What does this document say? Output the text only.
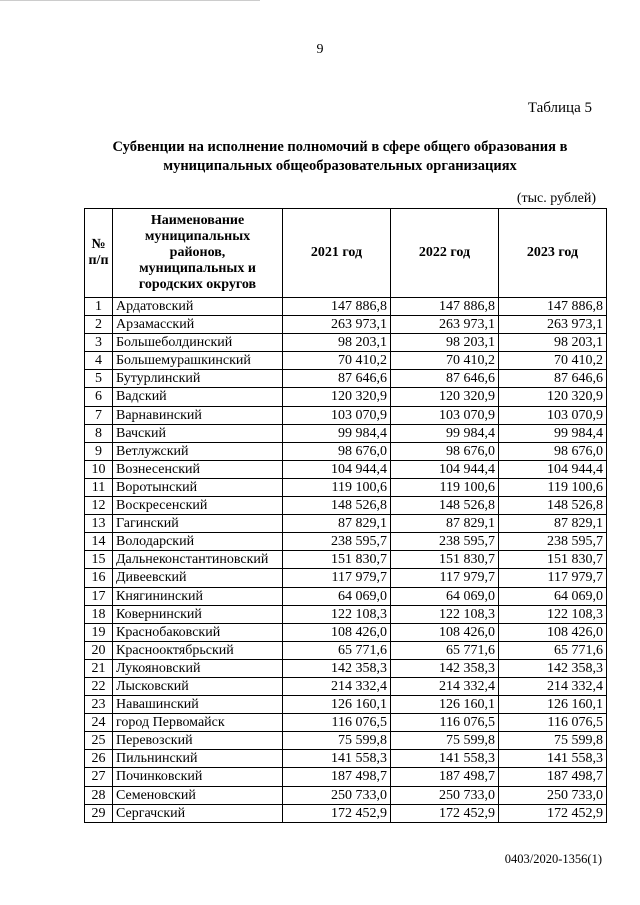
9
Таблица 5
Субвенции на исполнение полномочий в сфере общего образования в
муниципальных общеобразовательных организациях
(тыс. рублей)
№ п/п	Наименование муниципальных районов, муниципальных и городских округов	2021 год	2022 год	2023 год
1	Ардатовский	147 886,8	147 886,8	147 886,8
2	Арзамасский	263 973,1	263 973,1	263 973,1
3	Большеболдинский	98 203,1	98 203,1	98 203,1
4	Большемурашкинский	70 410,2	70 410,2	70 410,2
5	Бутурлинский	87 646,6	87 646,6	87 646,6
6	Вадский	120 320,9	120 320,9	120 320,9
7	Варнавинский	103 070,9	103 070,9	103 070,9
8	Вачский	99 984,4	99 984,4	99 984,4
9	Ветлужский	98 676,0	98 676,0	98 676,0
10	Вознесенский	104 944,4	104 944,4	104 944,4
11	Воротынский	119 100,6	119 100,6	119 100,6
12	Воскресенский	148 526,8	148 526,8	148 526,8
13	Гагинский	87 829,1	87 829,1	87 829,1
14	Володарский	238 595,7	238 595,7	238 595,7
15	Дальнеконстантиновский	151 830,7	151 830,7	151 830,7
16	Дивеевский	117 979,7	117 979,7	117 979,7
17	Княгининский	64 069,0	64 069,0	64 069,0
18	Ковернинский	122 108,3	122 108,3	122 108,3
19	Краснобаковский	108 426,0	108 426,0	108 426,0
20	Краснооктябрьский	65 771,6	65 771,6	65 771,6
21	Лукояновский	142 358,3	142 358,3	142 358,3
22	Лысковский	214 332,4	214 332,4	214 332,4
23	Навашинский	126 160,1	126 160,1	126 160,1
24	город Первомайск	116 076,5	116 076,5	116 076,5
25	Перевозский	75 599,8	75 599,8	75 599,8
26	Пильнинский	141 558,3	141 558,3	141 558,3
27	Починковский	187 498,7	187 498,7	187 498,7
28	Семеновский	250 733,0	250 733,0	250 733,0
29	Сергачский	172 452,9	172 452,9	172 452,9
0403/2020-1356(1)
